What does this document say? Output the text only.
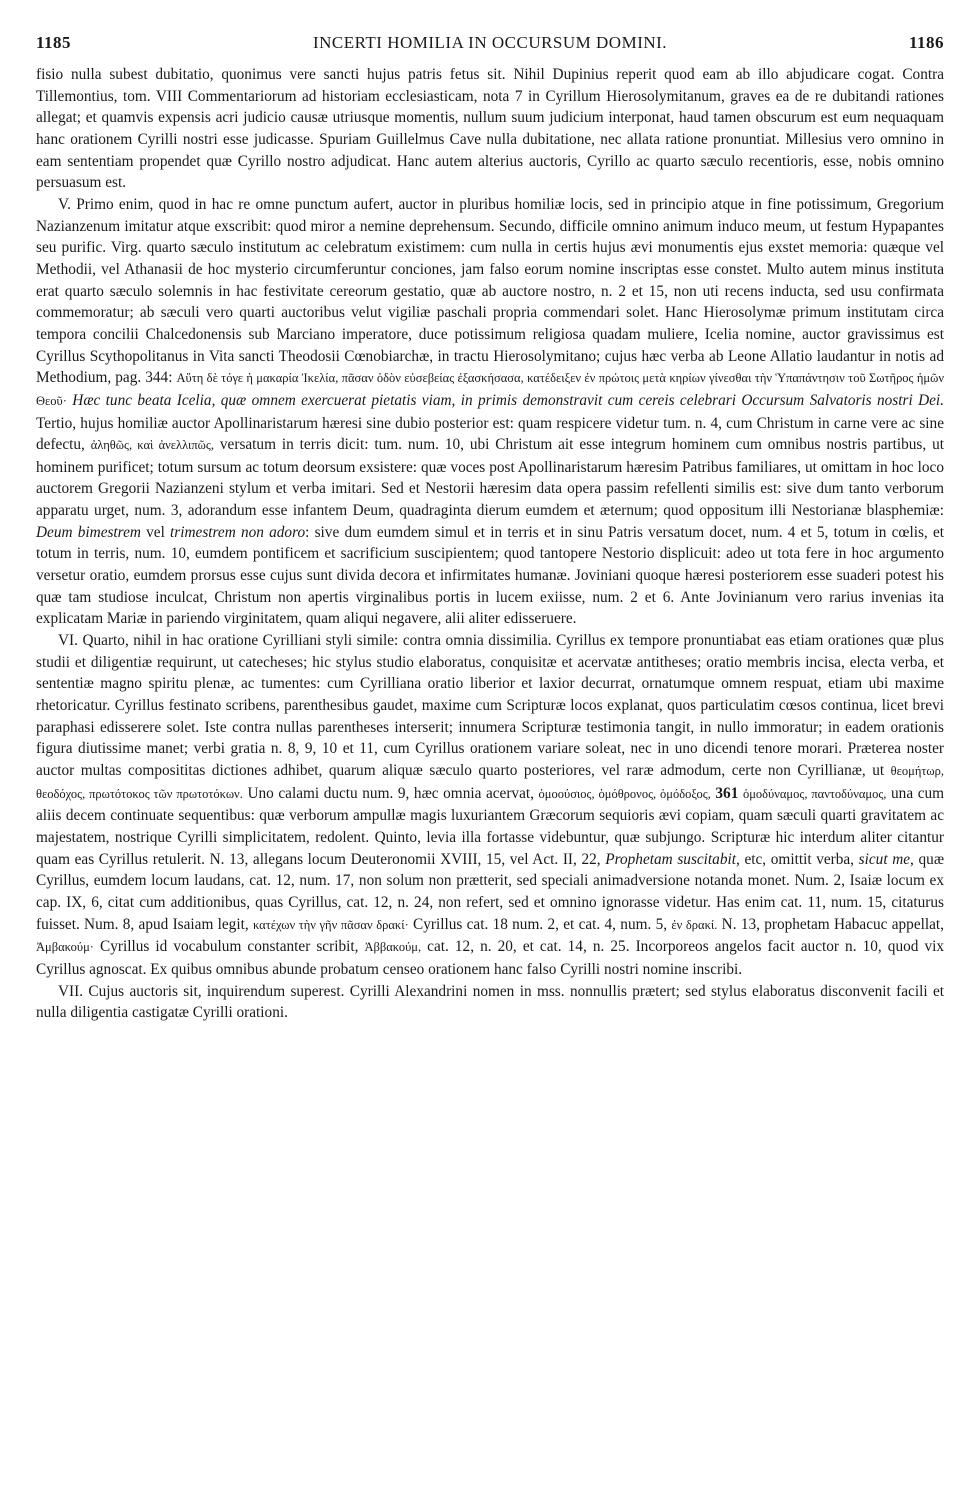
1185	INCERTI HOMILIA IN OCCURSUM DOMINI.	1186

fisio nulla subest dubitatio, quonimus vere sancti hujus patris fetus sit. Nihil Dupinius reperit quod eam ab illo abjudicare cogat. Contra Tillemontius, tom. VIII Commentariorum ad historiam ecclesiasticam, nota 7 in Cyrillum Hierosolymitanum, graves ea de re dubitandi rationes allegat; et quamvis expensis acri judicio causæ utriusque momentis, nullum suum judicium interponat, haud tamen obscurum est eum nequaquam hanc orationem Cyrilli nostri esse judicasse. Spuriam Guillelmus Cave nulla dubitatione, nec allata ratione pronuntiat. Millesius vero omnino in eam sententiam propendet quæ Cyrillo nostro adjudicat. Hanc autem alterius auctoris, Cyrillo ac quarto sæculo recentioris, esse, nobis omnino persuasum est.

V. Primo enim, quod in hac re omne punctum aufert, auctor in pluribus homiliæ locis, sed in principio atque in fine potissimum, Gregorium Nazianzenum imitatur atque exscribit: quod miror a nemine deprehensum. Secundo, difficile omnino animum induco meum, ut festum Hypapantes seu purific. Virg. quarto sæculo institutum ac celebratum existimem: cum nulla in certis hujus ævi monumentis ejus exstet memoria: quæque vel Methodii, vel Athanasii de hoc mysterio circumferuntur conciones, jam falso eorum nomine inscriptas esse constet. Multo autem minus instituta erat quarto sæculo solemnis in hac festivitate cereorum gestatio, quæ ab auctore nostro, n. 2 et 15, non uti recens inducta, sed usu confirmata commemoratur; ab sæculi vero quarti auctoribus velut vigiliæ paschali propria commendari solet. Hanc Hierosolymæ primum institutam circa tempora concilii Chalcedonensis sub Marciano imperatore, duce potissimum religiosa quadam muliere, Icelia nomine, auctor gravissimus est Cyrillus Scythopolitanus in Vita sancti Theodosii Cœnobiarchæ, in tractu Hierosolymitano; cujus hæc verba ab Leone Allatio laudantur in notis ad Methodium, pag. 344: Αὕτη δὲ τόγε ἡ μακαρία Ἰκελία, πᾶσαν ὁδὸν εὐσεβείας ἐξασκήσασα, κατέδειξεν ἐν πρώτοις μετὰ κηρίων γίνεσθαι τὴν Ὑπαπάντησιν τοῦ Σωτῆρος ἡμῶν Θεοῦ· Hæc tunc beata Icelia, quæ omnem exercuerat pietatis viam, in primis demonstravit cum cereis celebrari Occursum Salvatoris nostri Dei. Tertio, hujus homiliæ auctor Apollinaristarum hæresi sine dubio posterior est: quam respicere videtur tum. n. 4, cum Christum in carne vere ac sine defectu, ἀληθῶς, καὶ ἀνελλιπῶς, versatum in terris dicit: tum. num. 10, ubi Christum ait esse integrum hominem cum omnibus nostris partibus, ut hominem purificet; totum sursum ac totum deorsum exsistere: quæ voces post Apollinaristarum hæresim Patribus familiares, ut omittam in hoc loco auctorem Gregorii Nazianzeni stylum et verba imitari. Sed et Nestorii hæresim data opera passim refellenti similis est: sive dum tanto verborum apparatu urget, num. 3, adorandum esse infantem Deum, quadraginta dierum eumdem et æternum; quod oppositum illi Nestorianæ blasphemiæ: Deum bimestrem vel trimestrem non adoro: sive dum eumdem simul et in terris et in sinu Patris versatum docet, num. 4 et 5, totum in cœlis, et totum in terris, num. 10, eumdem pontificem et sacrificium suscipientem; quod tantopere Nestorio displicuit: adeo ut tota fere in hoc argumento versetur oratio, eumdem prorsus esse cujus sunt divida decora et infirmitates humanæ. Joviniani quoque hæresi posteriorem esse suaderi potest his quæ tam studiose inculcat, Christum non apertis virginalibus portis in lucem exiisse, num. 2 et 6. Ante Jovinianum vero rarius invenias ita explicatam Mariæ in pariendo virginitatem, quam aliqui negavere, alii aliter edisseruere.

VI. Quarto, nihil in hac oratione Cyrilliani styli simile: contra omnia dissimilia. Cyrillus ex tempore pronuntiabat eas etiam orationes quæ plus studii et diligentiæ requirunt, ut catecheses; hic stylus studio elaboratus, conquisitæ et acervatæ antitheses; oratio membris incisa, electa verba, et sententiæ magno spiritu plenæ, ac tumentes: cum Cyrilliana oratio liberior et laxior decurrat, ornatumque omnem respuat, etiam ubi maxime rhetoricatur. Cyrillus festinato scribens, parenthesibus gaudet, maxime cum Scripturæ locos explanat, quos particulatim cœsos continua, licet brevi paraphasi edisserere solet. Iste contra nullas parentheses interserit; innumera Scripturæ testimonia tangit, in nullo immoratur; in eadem orationis figura diutissime manet; verbi gratia n. 8, 9, 10 et 11, cum Cyrillus orationem variare soleat, nec in uno dicendi tenore morari. Præterea noster auctor multas composititas dictiones adhibet, quarum aliquæ sæculo quarto posteriores, vel raræ admodum, certe non Cyrillianæ, ut θεομήτωρ, θεοδόχος, πρωτότοκος τῶν πρωτοτόκων. Uno calami ductu num. 9, hæc omnia acervat, ὁμοούσιος, ὁμόθρονος, ὁμόδοξος, 361 ὁμοδύναμος, παντοδύναμος, una cum aliis decem continuate sequentibus: quæ verborum ampullæ magis luxuriantem Græcorum sequioris ævi copiam, quam sæculi quarti gravitatem ac majestatem, nostrique Cyrilli simplicitatem, redolent. Quinto, levia illa fortasse videbuntur, quæ subjungo. Scripturæ hic interdum aliter citantur quam eas Cyrillus retulerit. N. 13, allegans locum Deuteronomii XVIII, 15, vel Act. II, 22, Prophetam suscitabit, etc, omittit verba, sicut me, quæ Cyrillus, eumdem locum laudans, cat. 12, num. 17, non solum non prætterit, sed speciali animadversione notanda monet. Num. 2, Isaiæ locum ex cap. IX, 6, citat cum additionibus, quas Cyrillus, cat. 12, n. 24, non refert, sed et omnino ignorasse videtur. Has enim cat. 11, num. 15, citaturus fuisset. Num. 8, apud Isaiam legit, κατέχων τὴν γῆν πᾶσαν δρακί· Cyrillus cat. 18 num. 2, et cat. 4, num. 5, ἐν δρακί. N. 13, prophetam Habacuc appellat, Ἀμβακούμ· Cyrillus id vocabulum constanter scribit, Ἀββακούμ, cat. 12, n. 20, et cat. 14, n. 25. Incorporeos angelos facit auctor n. 10, quod vix Cyrillus agnoscat. Ex quibus omnibus abunde probatum censeo orationem hanc falso Cyrilli nostri nomine inscribi.

VII. Cujus auctoris sit, inquirendum superest. Cyrilli Alexandrini nomen in mss. nonnullis prætert; sed stylus elaboratus disconvenit facili et nulla diligentia castigatæ Cyrilli orationi.
